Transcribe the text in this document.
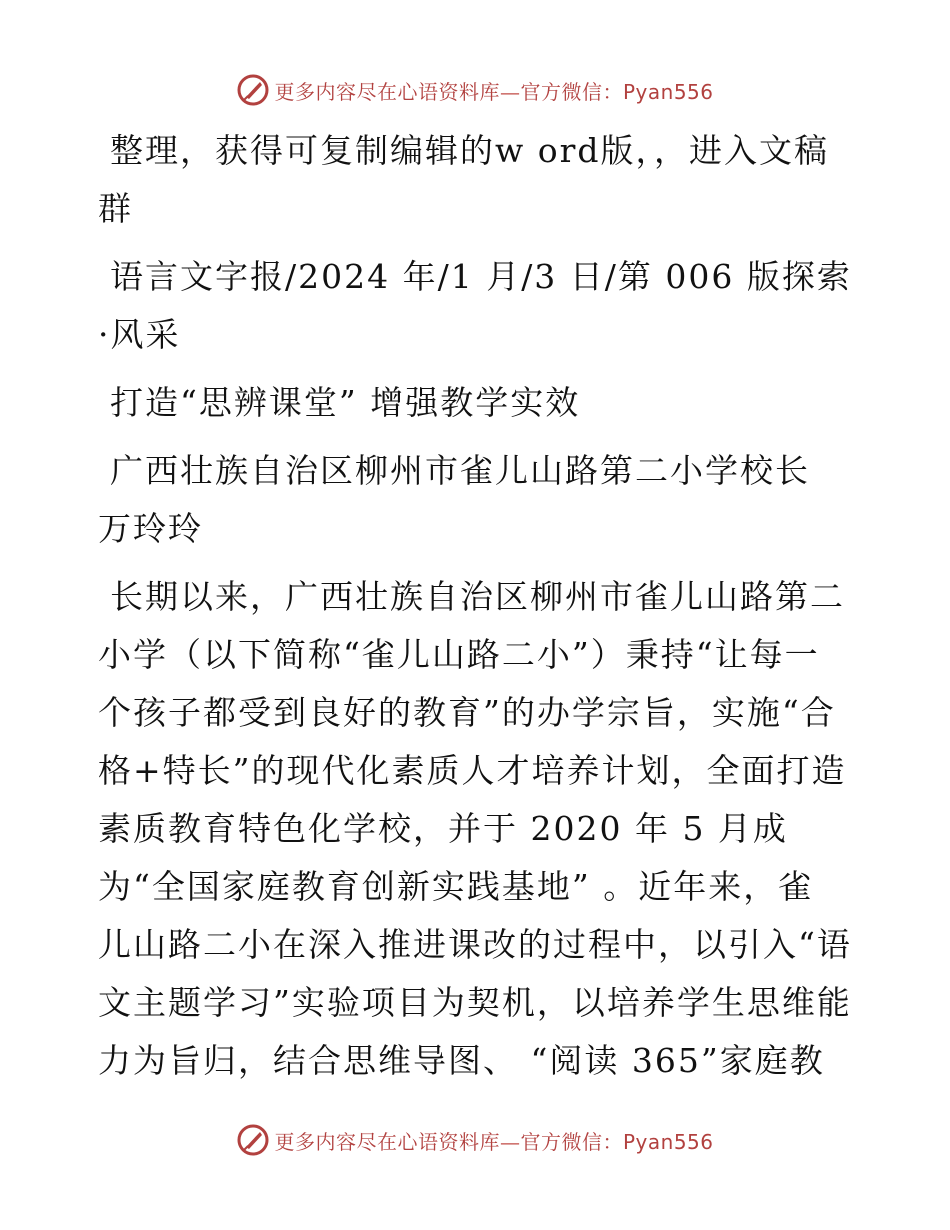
更多内容尽在心语资料库—官方微信：Pyan556

整理，获得可复制编辑的w ord版，，进入文稿
群

语言文字报/2024 年/1 月/3 日/第 006 版探索
·风采

打造“思辨课堂” 增强教学实效

广西壮族自治区柳州市雀儿山路第二小学校长
万玲玲

长期以来，广西壮族自治区柳州市雀儿山路第二
小学（以下简称“雀儿山路二小”）秉持“让每一
个孩子都受到良好的教育”的办学宗旨，实施“合
格+特长”的现代化素质人才培养计划，全面打造
素质教育特色化学校，并于 2020 年 5 月成
为“全国家庭教育创新实践基地” 。近年来，雀
儿山路二小在深入推进课改的过程中，以引入“语
文主题学习”实验项目为契机，以培养学生思维能
力为旨归，结合思维导图、 “阅读 365”家庭教

更多内容尽在心语资料库—官方微信：Pyan556
